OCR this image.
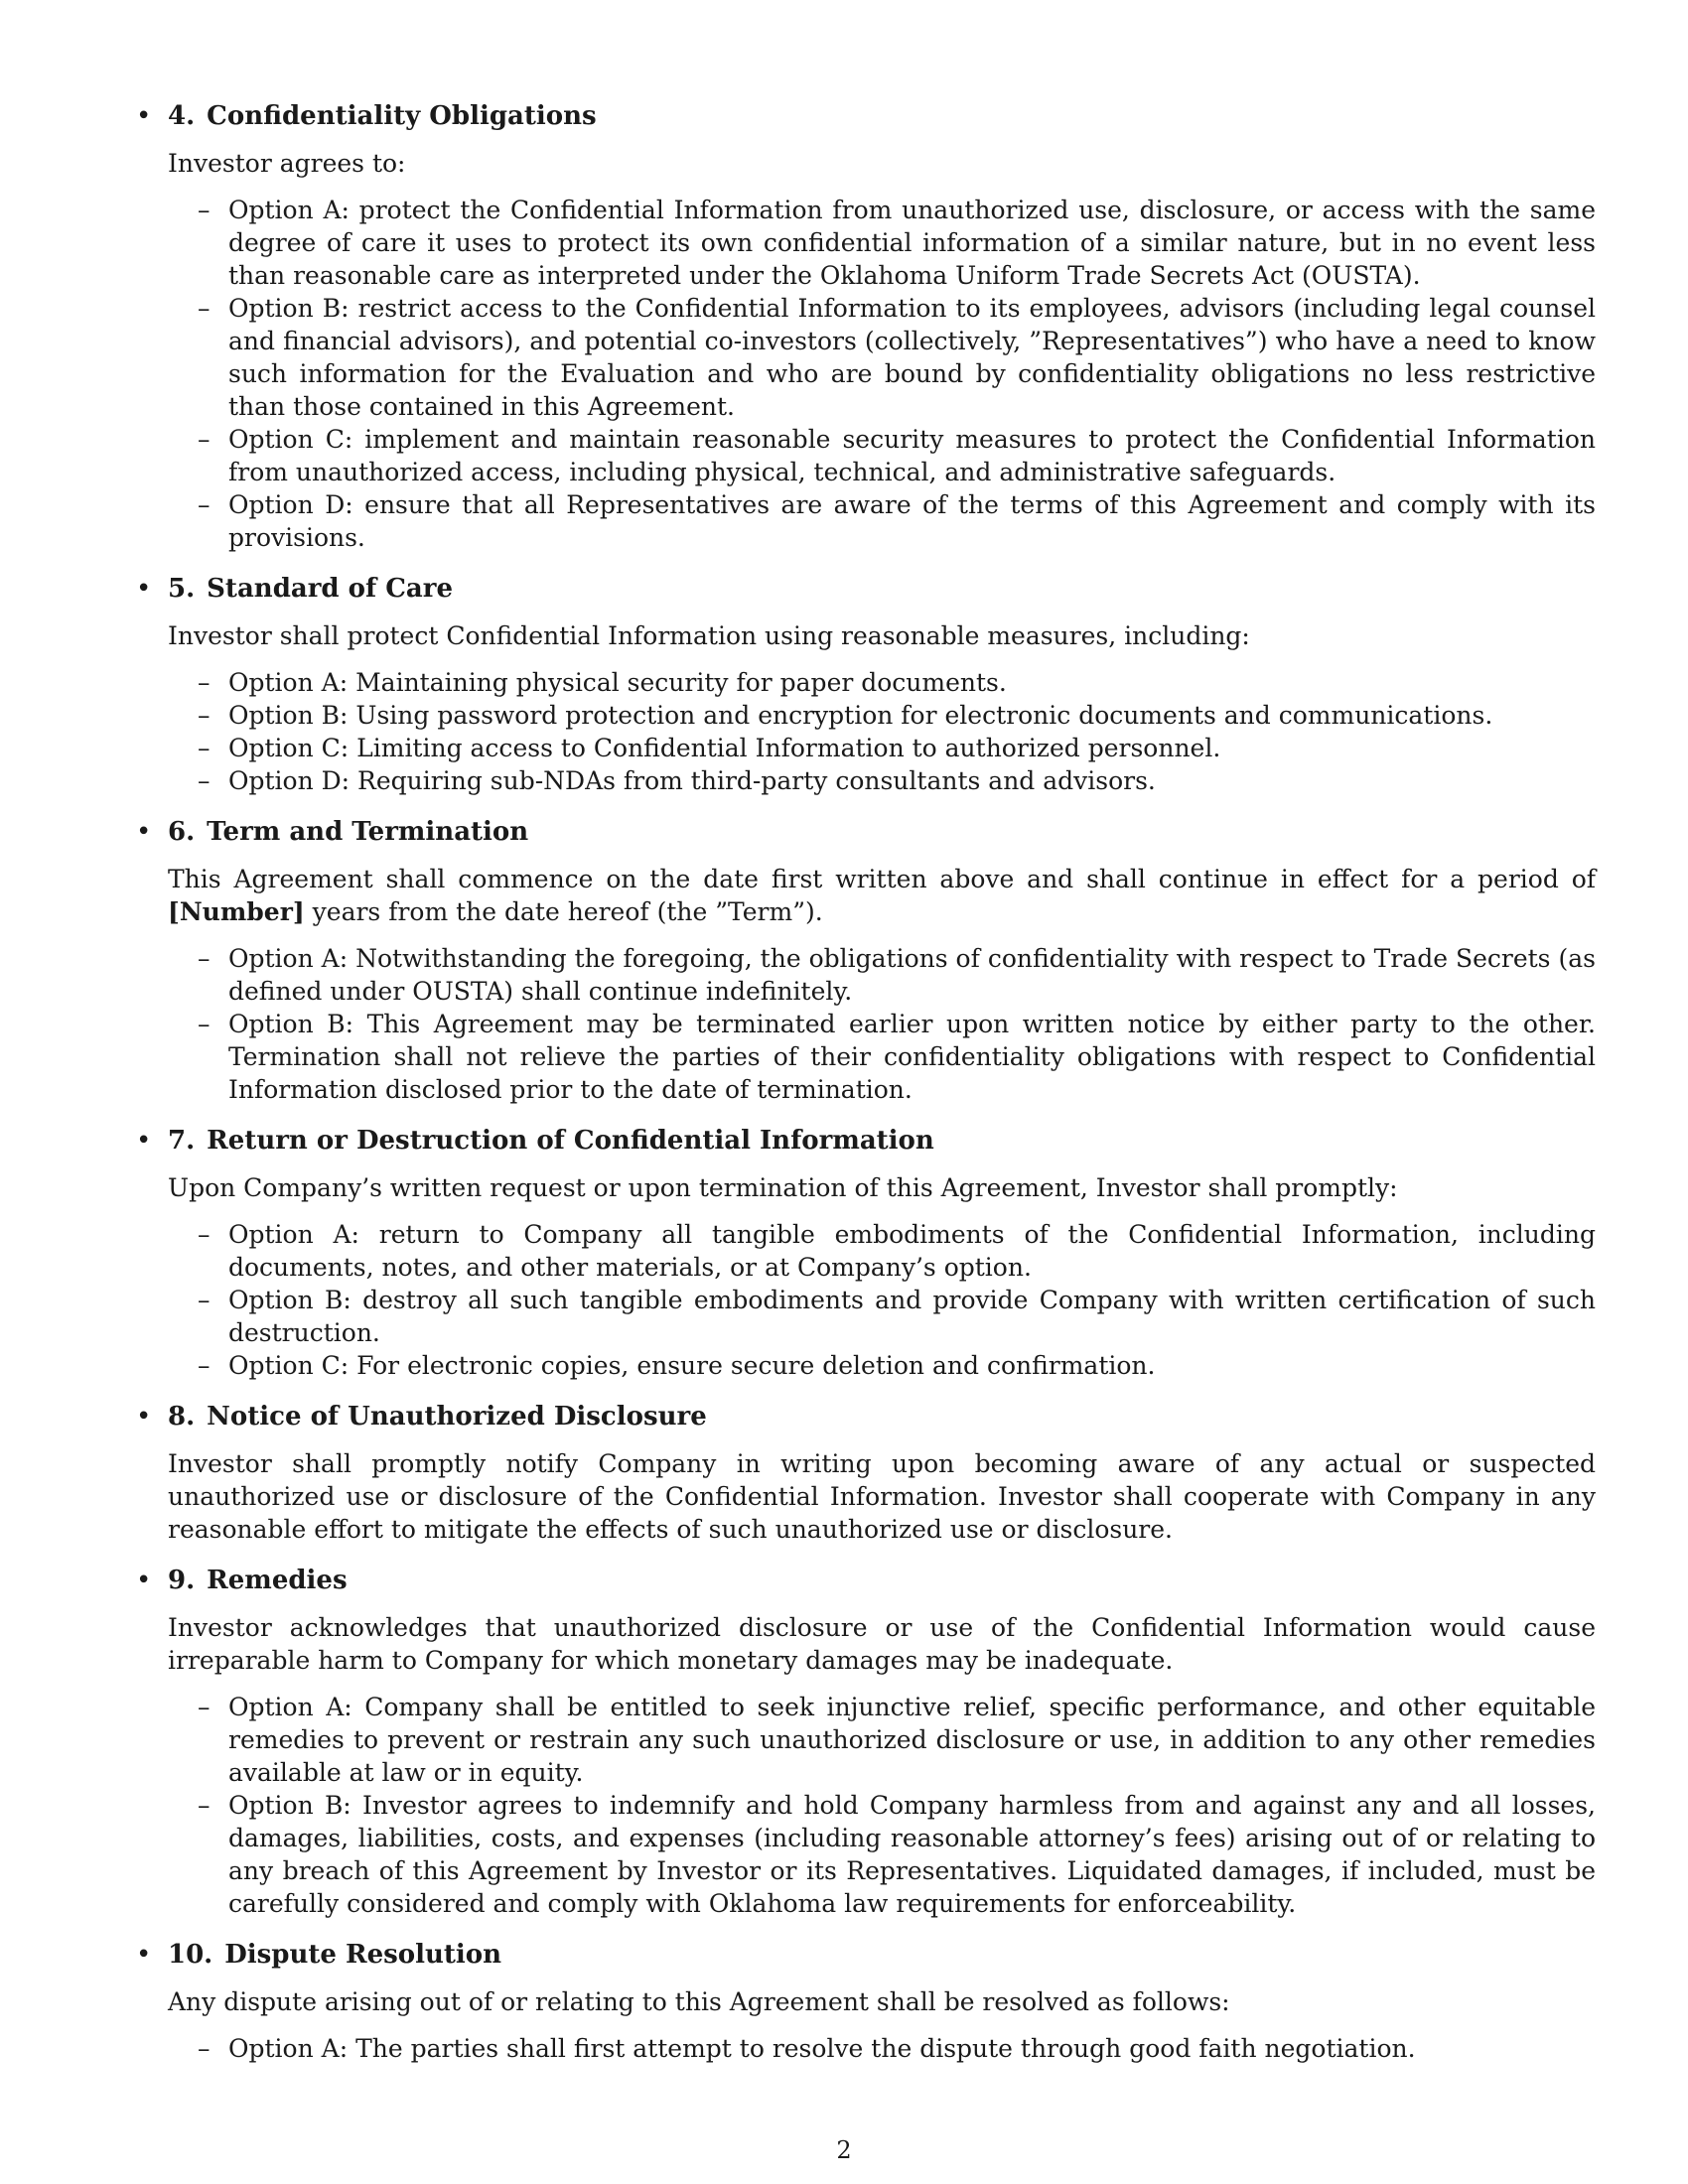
• 4. Confidentiality Obligations
Investor agrees to:
– Option A: protect the Confidential Information from unauthorized use, disclosure, or access with the same degree of care it uses to protect its own confidential information of a similar nature, but in no event less than reasonable care as interpreted under the Oklahoma Uniform Trade Secrets Act (OUSTA).
– Option B: restrict access to the Confidential Information to its employees, advisors (including legal counsel and financial advisors), and potential co-investors (collectively, ”Representatives”) who have a need to know such information for the Evaluation and who are bound by confidentiality obligations no less restrictive than those contained in this Agreement.
– Option C: implement and maintain reasonable security measures to protect the Confidential Information from unauthorized access, including physical, technical, and administrative safeguards.
– Option D: ensure that all Representatives are aware of the terms of this Agreement and comply with its provisions.
• 5. Standard of Care
Investor shall protect Confidential Information using reasonable measures, including:
– Option A: Maintaining physical security for paper documents.
– Option B: Using password protection and encryption for electronic documents and communications.
– Option C: Limiting access to Confidential Information to authorized personnel.
– Option D: Requiring sub-NDAs from third-party consultants and advisors.
• 6. Term and Termination
This Agreement shall commence on the date first written above and shall continue in effect for a period of [Number] years from the date hereof (the ”Term”).
– Option A: Notwithstanding the foregoing, the obligations of confidentiality with respect to Trade Secrets (as defined under OUSTA) shall continue indefinitely.
– Option B: This Agreement may be terminated earlier upon written notice by either party to the other. Termination shall not relieve the parties of their confidentiality obligations with respect to Confidential Information disclosed prior to the date of termination.
• 7. Return or Destruction of Confidential Information
Upon Company’s written request or upon termination of this Agreement, Investor shall promptly:
– Option A: return to Company all tangible embodiments of the Confidential Information, including documents, notes, and other materials, or at Company’s option.
– Option B: destroy all such tangible embodiments and provide Company with written certification of such destruction.
– Option C: For electronic copies, ensure secure deletion and confirmation.
• 8. Notice of Unauthorized Disclosure
Investor shall promptly notify Company in writing upon becoming aware of any actual or suspected unauthorized use or disclosure of the Confidential Information. Investor shall cooperate with Company in any reasonable effort to mitigate the effects of such unauthorized use or disclosure.
• 9. Remedies
Investor acknowledges that unauthorized disclosure or use of the Confidential Information would cause irreparable harm to Company for which monetary damages may be inadequate.
– Option A: Company shall be entitled to seek injunctive relief, specific performance, and other equitable remedies to prevent or restrain any such unauthorized disclosure or use, in addition to any other remedies available at law or in equity.
– Option B: Investor agrees to indemnify and hold Company harmless from and against any and all losses, damages, liabilities, costs, and expenses (including reasonable attorney’s fees) arising out of or relating to any breach of this Agreement by Investor or its Representatives. Liquidated damages, if included, must be carefully considered and comply with Oklahoma law requirements for enforceability.
• 10. Dispute Resolution
Any dispute arising out of or relating to this Agreement shall be resolved as follows:
– Option A: The parties shall first attempt to resolve the dispute through good faith negotiation.
2
